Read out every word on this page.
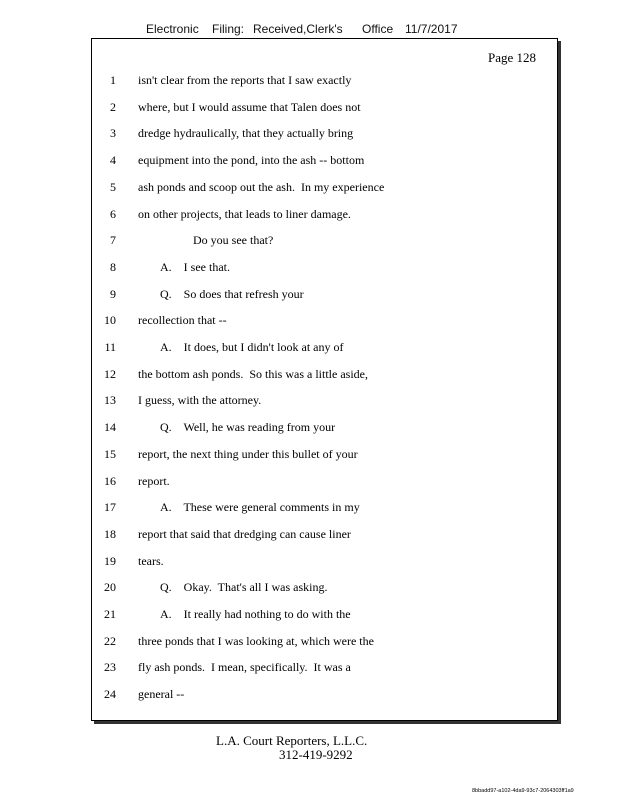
Electronic Filing: Received,Clerk's Office 11/7/2017
Page 128
1 isn't clear from the reports that I saw exactly
2 where, but I would assume that Talen does not
3 dredge hydraulically, that they actually bring
4 equipment into the pond, into the ash -- bottom
5 ash ponds and scoop out the ash.  In my experience
6 on other projects, that leads to liner damage.
7	Do you see that?
8	A.    I see that.
9	Q.    So does that refresh your
10 recollection that --
11	A.    It does, but I didn't look at any of
12 the bottom ash ponds.  So this was a little aside,
13 I guess, with the attorney.
14	Q.    Well, he was reading from your
15 report, the next thing under this bullet of your
16 report.
17	A.    These were general comments in my
18 report that said that dredging can cause liner
19 tears.
20	Q.    Okay.  That's all I was asking.
21	A.    It really had nothing to do with the
22 three ponds that I was looking at, which were the
23 fly ash ponds.  I mean, specifically.  It was a
24 general --
L.A. Court Reporters, L.L.C.
312-419-9292
8bbadd97-a102-4da9-93c7-2064303ff1a9
